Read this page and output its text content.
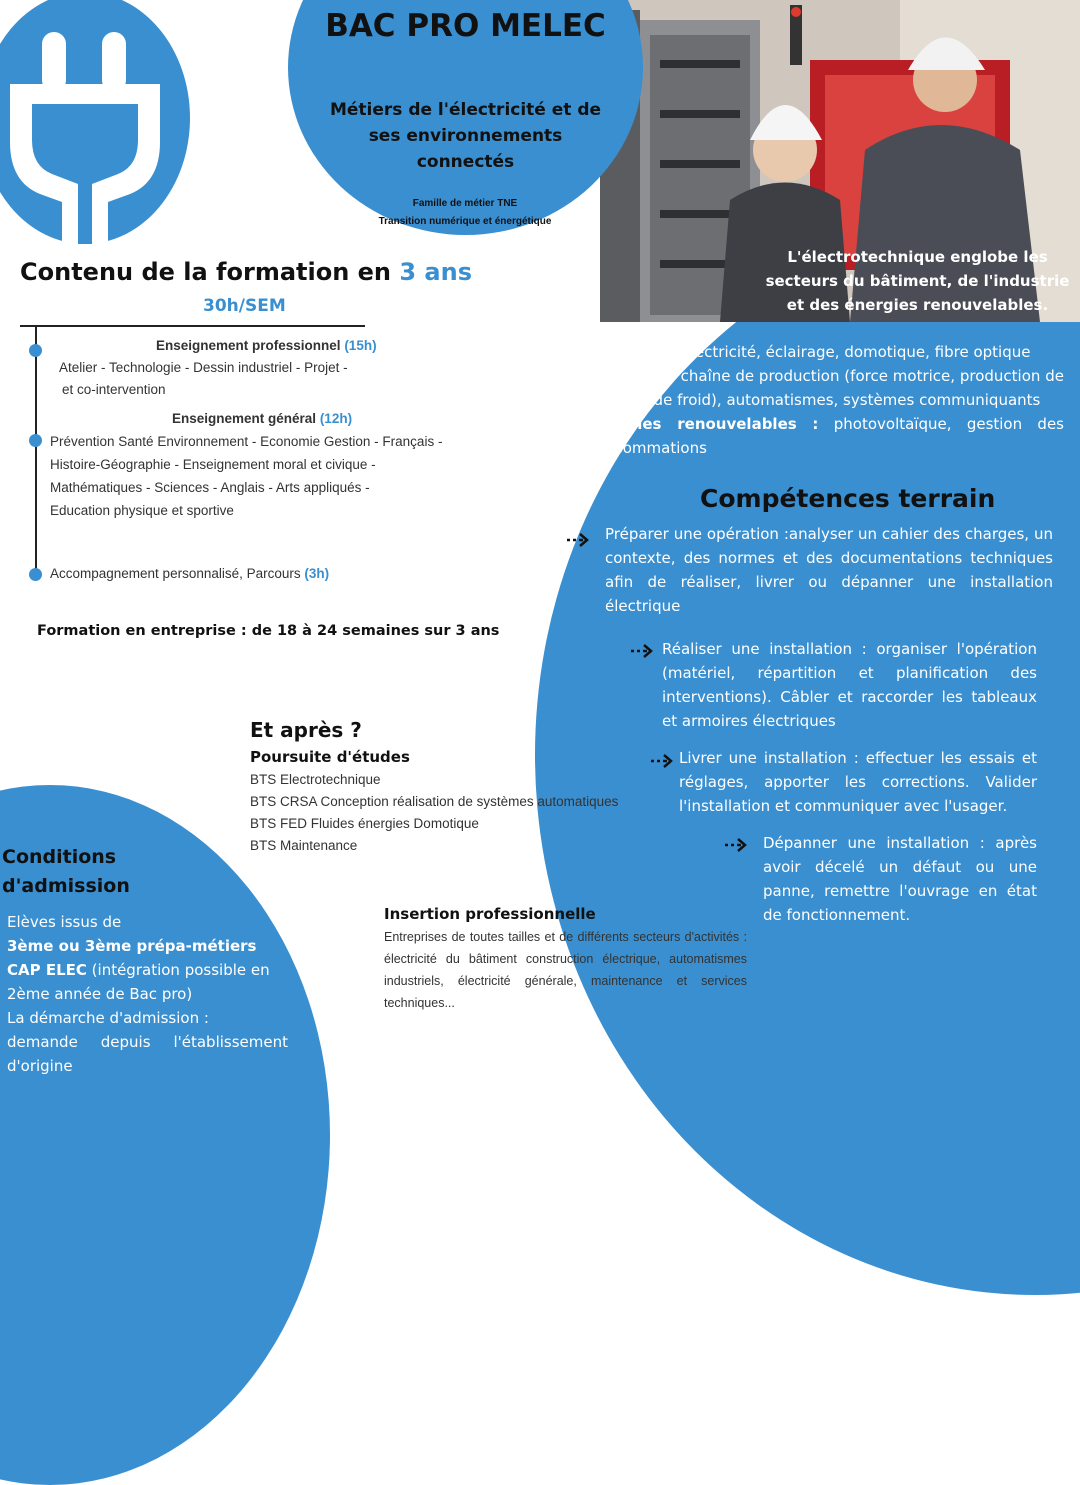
BAC PRO MELEC
Métiers de l'électricité et de ses environnements connectés
Famille de métier TNE
Transition numérique et énergétique
Contenu de la formation en 3 ans
30h/SEM
Enseignement professionnel (15h)
Atelier - Technologie - Dessin industriel - Projet -
et co-intervention
Enseignement général (12h)
Prévention Santé Environnement - Economie Gestion - Français -
Histoire-Géographie - Enseignement moral et civique -
Mathématiques - Sciences - Anglais - Arts appliqués -
Education physique et sportive
Accompagnement personnalisé, Parcours (3h)
Formation en entreprise : de 18 à 24 semaines sur 3 ans
Et après ?
Poursuite d'études
BTS Electrotechnique
BTS CRSA Conception réalisation de systèmes automatiques
BTS FED Fluides énergies Domotique
BTS Maintenance
Insertion professionnelle
Entreprises de toutes tailles et de différents secteurs d'activités : électricité du bâtiment construction électrique, automatismes industriels, électricité générale, maintenance et services techniques...
Conditions
d'admission
Elèves issus de
3ème ou 3ème prépa-métiers
CAP ELEC (intégration possible en
2ème année de Bac pro)
La démarche d'admission :
demande depuis l'établissement
d'origine
L'électrotechnique englobe les secteurs du bâtiment, de l'industrie et des énergies renouvelables.
Bâtiment : électricité, éclairage, domotique, fibre optique
Industrie : chaîne de production (force motrice, production de chaleur, de froid), automatismes, systèmes communiquants
Energies renouvelables : photovoltaïque, gestion des consommations
Compétences terrain
Préparer une opération :analyser un cahier des charges, un contexte, des normes et des documentations techniques afin de réaliser, livrer ou dépanner une installation électrique
Réaliser une installation : organiser l'opération (matériel, répartition et planification des interventions). Câbler et raccorder les tableaux et armoires électriques
Livrer une installation : effectuer les essais et réglages, apporter les corrections. Valider l'installation et communiquer avec l'usager.
Dépanner une installation : après avoir décelé un défaut ou une panne, remettre l'ouvrage en état de fonctionnement.
